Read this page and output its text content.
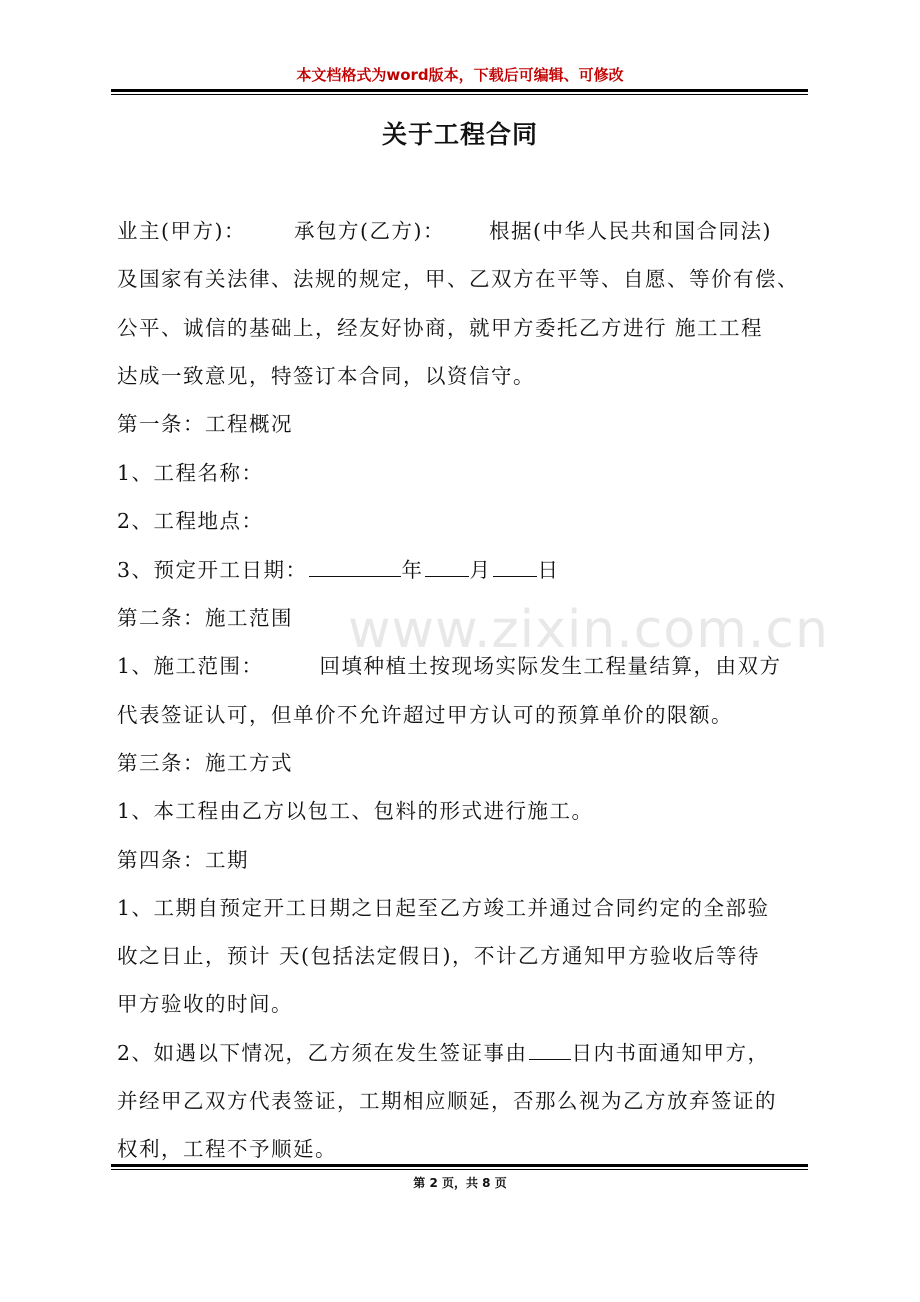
本文档格式为word版本，下载后可编辑、可修改
关于工程合同
业主(甲方)： 承包方(乙方)： 根据(中华人民共和国合同法)
及国家有关法律、法规的规定，甲、乙双方在平等、自愿、等价有偿、
公平、诚信的基础上，经友好协商，就甲方委托乙方进行 施工工程
达成一致意见，特签订本合同，以资信守。
第一条：工程概况
1、工程名称：
2、工程地点：
3、预定开工日期：	年 月 日
第二条：施工范围
1、施工范围：	回填种植土按现场实际发生工程量结算，由双方
代表签证认可，但单价不允许超过甲方认可的预算单价的限额。
第三条：施工方式
1、本工程由乙方以包工、包料的形式进行施工。
第四条：工期
1、工期自预定开工日期之日起至乙方竣工并通过合同约定的全部验
收之日止，预计 天(包括法定假日)，不计乙方通知甲方验收后等待
甲方验收的时间。
2、如遇以下情况，乙方须在发生签证事由 日内书面通知甲方，
并经甲乙双方代表签证，工期相应顺延，否那么视为乙方放弃签证的
权利，工程不予顺延。
www.zixin.com.cn
第 2 页，共 8 页
